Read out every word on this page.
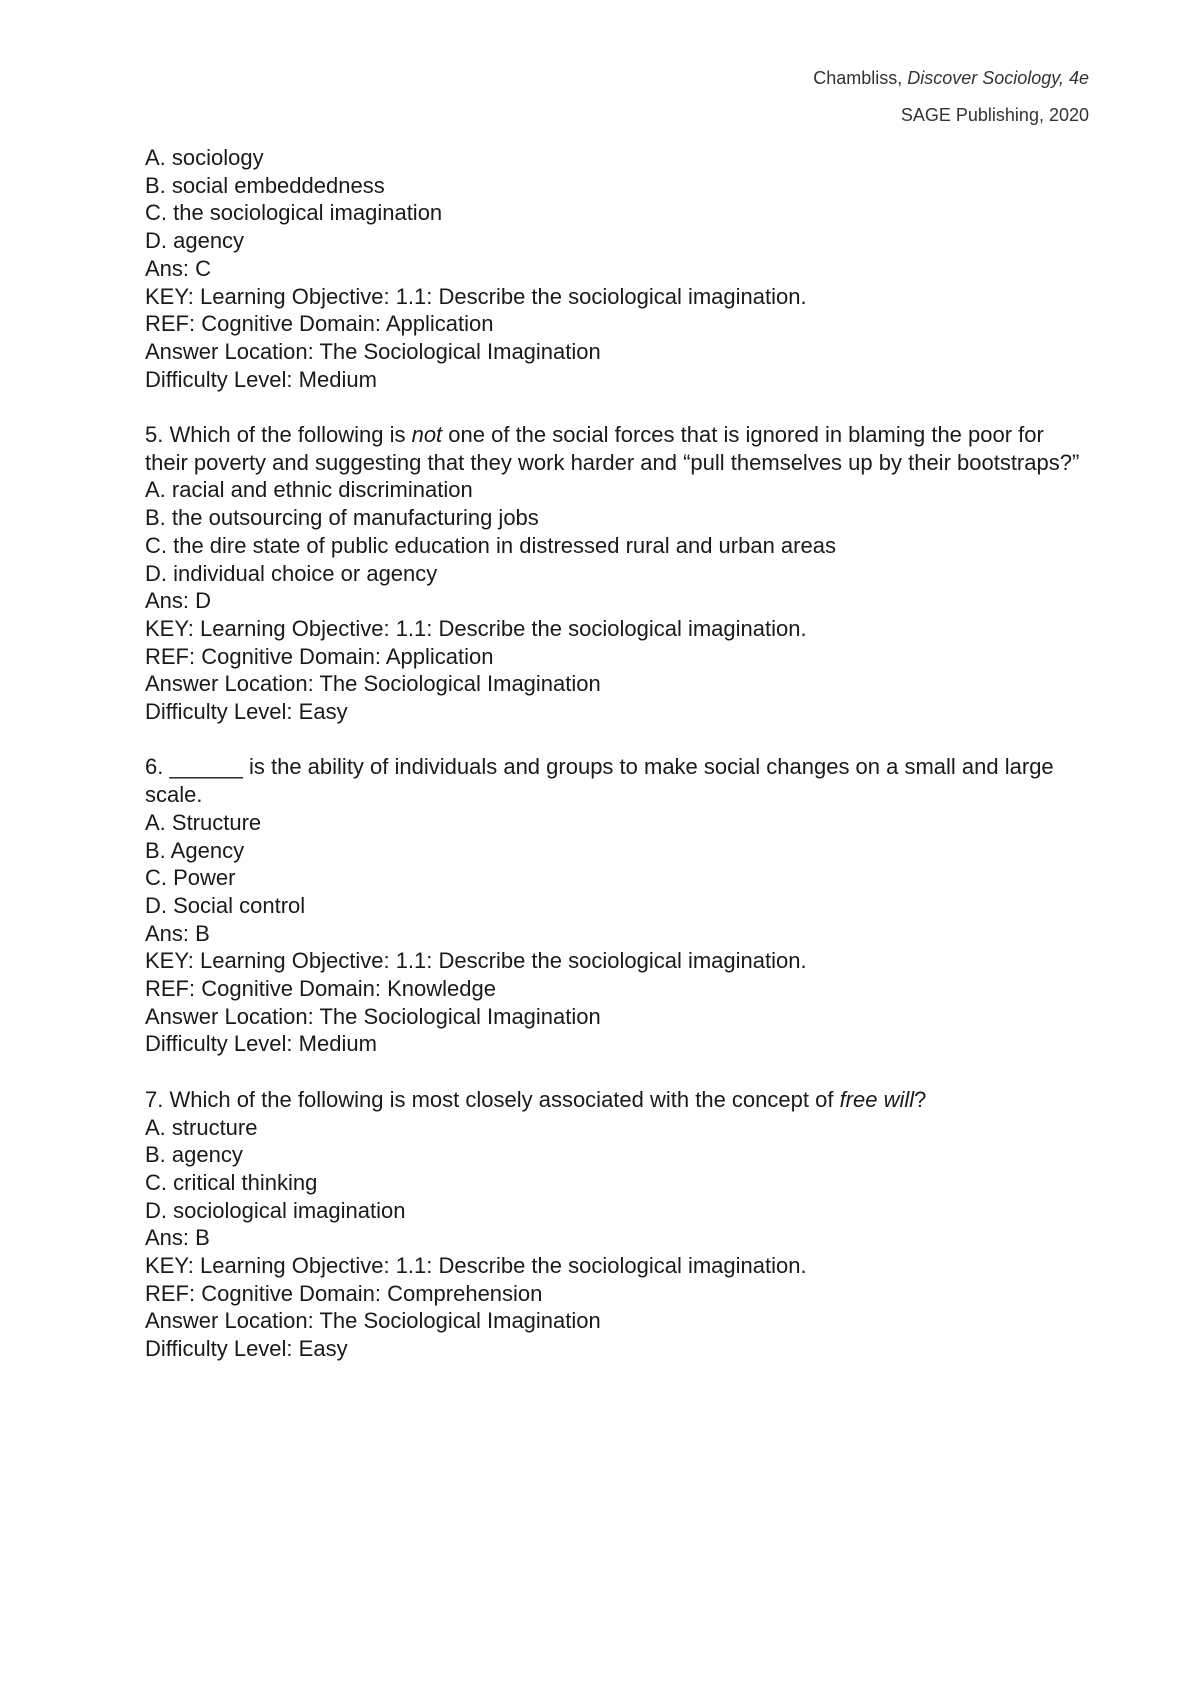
Chambliss, Discover Sociology, 4e
SAGE Publishing, 2020
A. sociology
B. social embeddedness
C. the sociological imagination
D. agency
Ans: C
KEY: Learning Objective: 1.1: Describe the sociological imagination.
REF: Cognitive Domain: Application
Answer Location: The Sociological Imagination
Difficulty Level: Medium
5. Which of the following is not one of the social forces that is ignored in blaming the poor for their poverty and suggesting that they work harder and “pull themselves up by their bootstraps?”
A. racial and ethnic discrimination
B. the outsourcing of manufacturing jobs
C. the dire state of public education in distressed rural and urban areas
D. individual choice or agency
Ans: D
KEY: Learning Objective: 1.1: Describe the sociological imagination.
REF: Cognitive Domain: Application
Answer Location: The Sociological Imagination
Difficulty Level: Easy
6. ______ is the ability of individuals and groups to make social changes on a small and large scale.
A. Structure
B. Agency
C. Power
D. Social control
Ans: B
KEY: Learning Objective: 1.1: Describe the sociological imagination.
REF: Cognitive Domain: Knowledge
Answer Location: The Sociological Imagination
Difficulty Level: Medium
7. Which of the following is most closely associated with the concept of free will?
A. structure
B. agency
C. critical thinking
D. sociological imagination
Ans: B
KEY: Learning Objective: 1.1: Describe the sociological imagination.
REF: Cognitive Domain: Comprehension
Answer Location: The Sociological Imagination
Difficulty Level: Easy
